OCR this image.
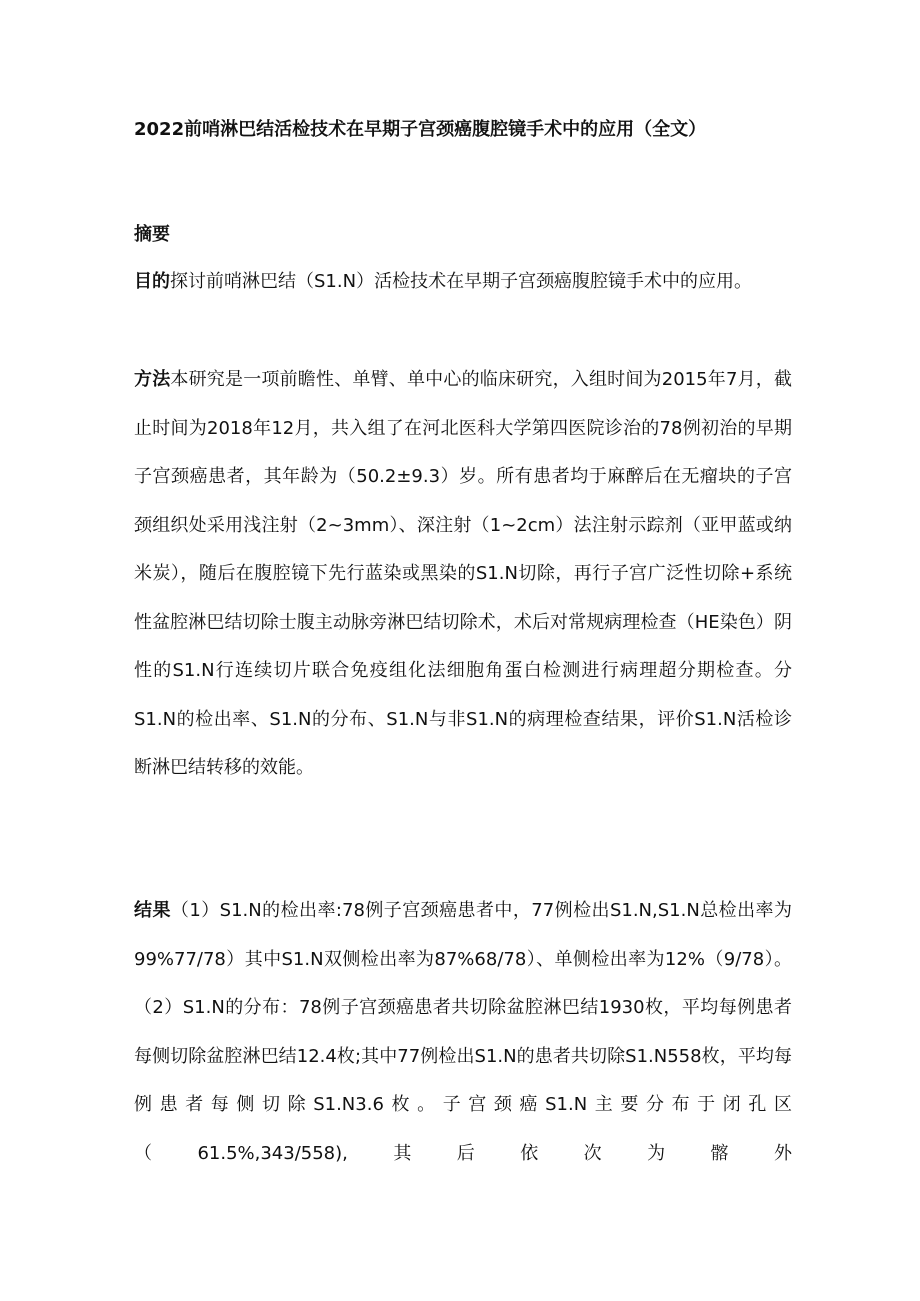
2022前哨淋巴结活检技术在早期子宫颈癌腹腔镜手术中的应用（全文）
摘要
目的探讨前哨淋巴结（S1.N）活检技术在早期子宫颈癌腹腔镜手术中的应用。
方法本研究是一项前瞻性、单臂、单中心的临床研究，入组时间为2015年7月，截止时间为2018年12月，共入组了在河北医科大学第四医院诊治的78例初治的早期子宫颈癌患者，其年龄为（50.2±9.3）岁。所有患者均于麻醉后在无瘤块的子宫颈组织处采用浅注射（2~3mm）、深注射（1~2cm）法注射示踪剂（亚甲蓝或纳米炭），随后在腹腔镜下先行蓝染或黑染的S1.N切除，再行子宫广泛性切除+系统性盆腔淋巴结切除士腹主动脉旁淋巴结切除术，术后对常规病理检查（HE染色）阴性的S1.N行连续切片联合免疫组化法细胞角蛋白检测进行病理超分期检查。分S1.N的检出率、S1.N的分布、S1.N与非S1.N的病理检查结果，评价S1.N活检诊断淋巴结转移的效能。
结果（1）S1.N的检出率:78例子宫颈癌患者中，77例检出S1.N,S1.N总检出率为99%77/78）其中S1.N双侧检出率为87%68/78）、单侧检出率为12%（9/78）。（2）S1.N的分布：78例子宫颈癌患者共切除盆腔淋巴结1930枚，平均每例患者每侧切除盆腔淋巴结12.4枚;其中77例检出S1.N的患者共切除S1.N558枚，平均每例患者每侧切除S1.N3.6枚。子宫颈癌S1.N主要分布于闭孔区（61.5%,343/558),其后依次为髂外
